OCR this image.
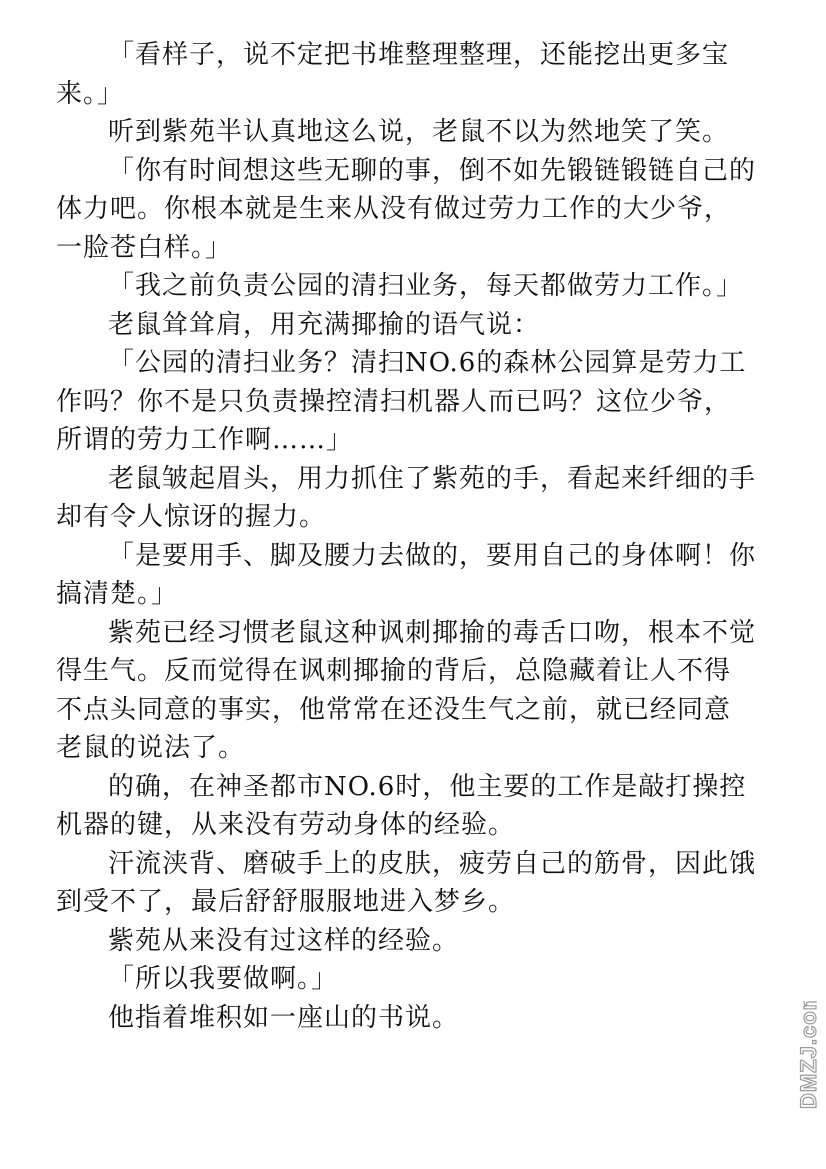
「看样子，说不定把书堆整理整理，还能挖出更多宝来。」

听到紫苑半认真地这么说，老鼠不以为然地笑了笑。

「你有时间想这些无聊的事，倒不如先锻链锻链自己的体力吧。你根本就是生来从没有做过劳力工作的大少爷，一脸苍白样。」

「我之前负责公园的清扫业务，每天都做劳力工作。」

老鼠耸耸肩，用充满揶揄的语气说：

「公园的清扫业务？清扫NO.6的森林公园算是劳力工作吗？你不是只负责操控清扫机器人而已吗？这位少爷，所谓的劳力工作啊……」

老鼠皱起眉头，用力抓住了紫苑的手，看起来纤细的手却有令人惊讶的握力。

「是要用手、脚及腰力去做的，要用自己的身体啊！你搞清楚。」

紫苑已经习惯老鼠这种讽刺揶揄的毒舌口吻，根本不觉得生气。反而觉得在讽刺揶揄的背后，总隐藏着让人不得不点头同意的事实，他常常在还没生气之前，就已经同意老鼠的说法了。

的确，在神圣都市NO.6时，他主要的工作是敲打操控机器的键，从来没有劳动身体的经验。

汗流浃背、磨破手上的皮肤，疲劳自己的筋骨，因此饿到受不了，最后舒舒服服地进入梦乡。

紫苑从来没有过这样的经验。

「所以我要做啊。」

他指着堆积如一座山的书说。	DMZJ.com
